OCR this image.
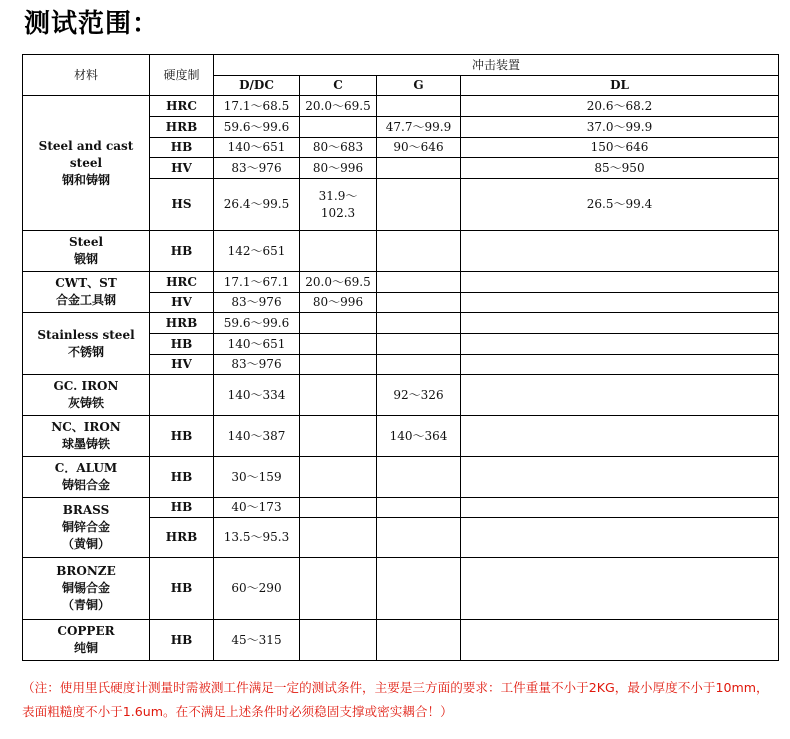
测试范围：
材料	硬度制	冲击装置			
		D/DC	C	G	DL

Steel and cast steel
钢和铸钢	HRC	17.1～68.5	20.0～69.5		20.6～68.2
	HRB	59.6～99.6		47.7～99.9	37.0～99.9
	HB	140～651	80～683	90～646	150～646
	HV	83～976	80～996		85～950
	HS	26.4～99.5	31.9～102.3		26.5～99.4

Steel
锻钢	HB	142～651			

CWT、ST
合金工具钢	HRC	17.1～67.1	20.0～69.5		
	HV	83～976	80～996		

Stainless steel
不锈钢	HRB	59.6～99.6			
	HB	140～651			
	HV	83～976			

GC. IRON
灰铸铁		140～334		92～326	

NC、IRON
球墨铸铁	HB	140～387		140～364	

C．ALUM
铸铝合金	HB	30～159			

BRASS
铜锌合金
（黄铜）	HB	40～173			
	HRB	13.5～95.3			

BRONZE
铜锡合金
（青铜）	HB	60～290			

COPPER
纯铜	HB	45～315			

（注：使用里氏硬度计测量时需被测工件满足一定的测试条件，主要是三方面的要求：工件重量不小于2KG，最小厚度不小于10mm，表面粗糙度不小于1.6um。在不满足上述条件时必须稳固支撑或密实耦合！）
